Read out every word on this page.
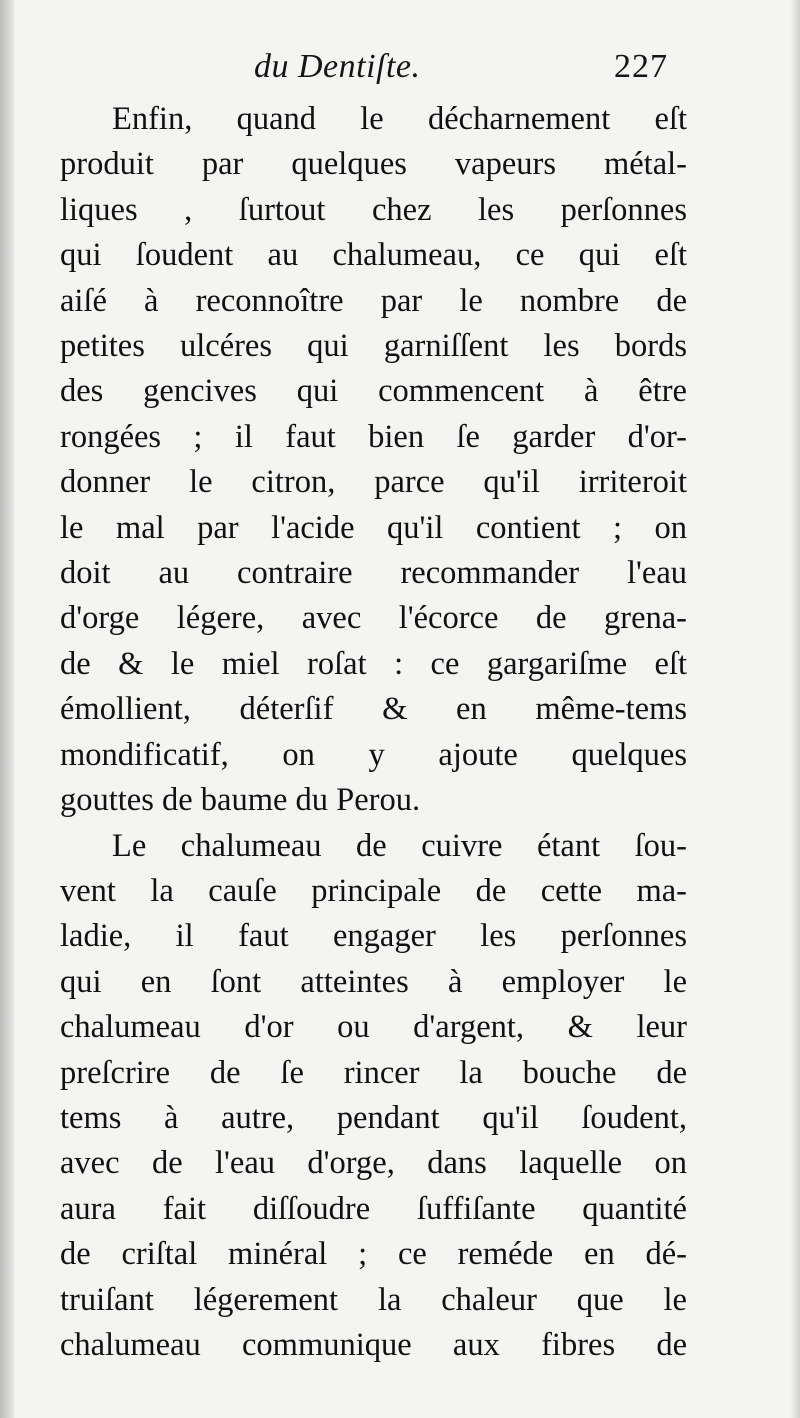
du Dentiſte.	227
Enfin, quand le décharnement eſt
produit par quelques vapeurs métal-
liques , ſurtout chez les perſonnes
qui ſoudent au chalumeau, ce qui eſt
aiſé à reconnoître par le nombre de
petites ulcéres qui garniſſent les bords
des gencives qui commencent à être
rongées ; il faut bien ſe garder d'or-
donner le citron, parce qu'il irriteroit
le mal par l'acide qu'il contient ; on
doit au contraire recommander l'eau
d'orge légere, avec l'écorce de grena-
de & le miel roſat : ce gargariſme eſt
émollient, déterſif & en même-tems
mondificatif, on y ajoute quelques
gouttes de baume du Perou.
Le chalumeau de cuivre étant ſou-
vent la cauſe principale de cette ma-
ladie, il faut engager les perſonnes
qui en ſont atteintes à employer le
chalumeau d'or ou d'argent, & leur
preſcrire de ſe rincer la bouche de
tems à autre, pendant qu'il ſoudent,
avec de l'eau d'orge, dans laquelle on
aura fait diſſoudre ſuffiſante quantité
de criſtal minéral ; ce reméde en dé-
truiſant légerement la chaleur que le
chalumeau communique aux fibres de
